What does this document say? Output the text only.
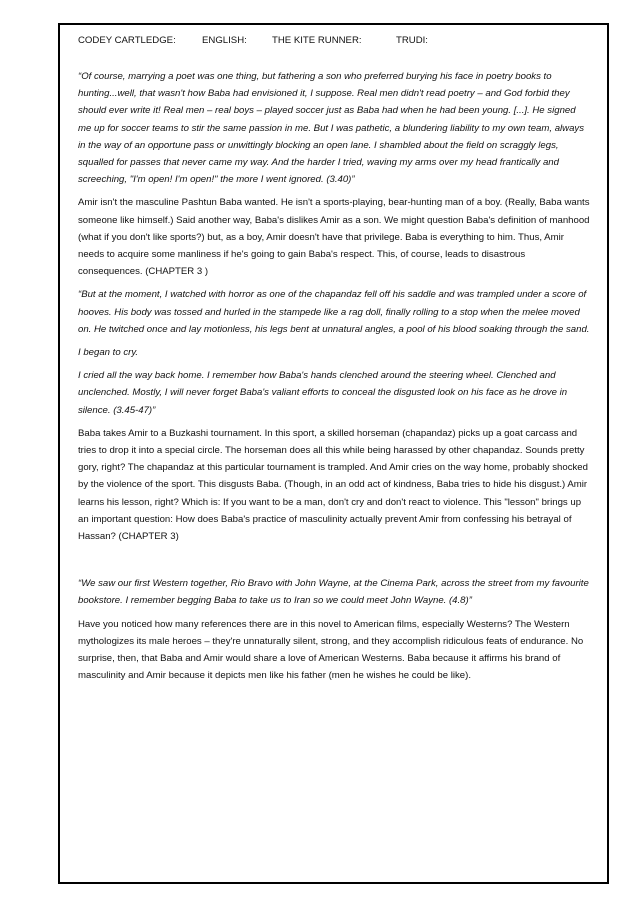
CODEY CARTLEDGE:	ENGLISH:	THE KITE RUNNER:	TRUDI:

“Of course, marrying a poet was one thing, but fathering a son who preferred burying his face in poetry books to hunting...well, that wasn't how Baba had envisioned it, I suppose. Real men didn't read poetry – and God forbid they should ever write it! Real men – real boys – played soccer just as Baba had when he had been young. [...]. He signed me up for soccer teams to stir the same passion in me. But I was pathetic, a blundering liability to my own team, always in the way of an opportune pass or unwittingly blocking an open lane. I shambled about the field on scraggly legs, squalled for passes that never came my way. And the harder I tried, waving my arms over my head frantically and screeching, "I'm open! I'm open!" the more I went ignored. (3.40)”

Amir isn't the masculine Pashtun Baba wanted. He isn't a sports-playing, bear-hunting man of a boy. (Really, Baba wants someone like himself.) Said another way, Baba's dislikes Amir as a son. We might question Baba's definition of manhood (what if you don't like sports?) but, as a boy, Amir doesn't have that privilege. Baba is everything to him. Thus, Amir needs to acquire some manliness if he's going to gain Baba's respect. This, of course, leads to disastrous consequences. (CHAPTER 3 )

“But at the moment, I watched with horror as one of the chapandaz fell off his saddle and was trampled under a score of hooves. His body was tossed and hurled in the stampede like a rag doll, finally rolling to a stop when the melee moved on. He twitched once and lay motionless, his legs bent at unnatural angles, a pool of his blood soaking through the sand.

I began to cry.

I cried all the way back home. I remember how Baba's hands clenched around the steering wheel. Clenched and unclenched. Mostly, I will never forget Baba's valiant efforts to conceal the disgusted look on his face as he drove in silence. (3.45-47)”

Baba takes Amir to a Buzkashi tournament. In this sport, a skilled horseman (chapandaz) picks up a goat carcass and tries to drop it into a special circle. The horseman does all this while being harassed by other chapandaz. Sounds pretty gory, right? The chapandaz at this particular tournament is trampled. And Amir cries on the way home, probably shocked by the violence of the sport. This disgusts Baba. (Though, in an odd act of kindness, Baba tries to hide his disgust.) Amir learns his lesson, right? Which is: If you want to be a man, don't cry and don't react to violence. This "lesson" brings up an important question: How does Baba's practice of masculinity actually prevent Amir from confessing his betrayal of Hassan? (CHAPTER 3)

“We saw our first Western together, Rio Bravo with John Wayne, at the Cinema Park, across the street from my favourite bookstore. I remember begging Baba to take us to Iran so we could meet John Wayne. (4.8)”

Have you noticed how many references there are in this novel to American films, especially Westerns? The Western mythologizes its male heroes – they're unnaturally silent, strong, and they accomplish ridiculous feats of endurance. No surprise, then, that Baba and Amir would share a love of American Westerns. Baba because it affirms his brand of masculinity and Amir because it depicts men like his father (men he wishes he could be like).
